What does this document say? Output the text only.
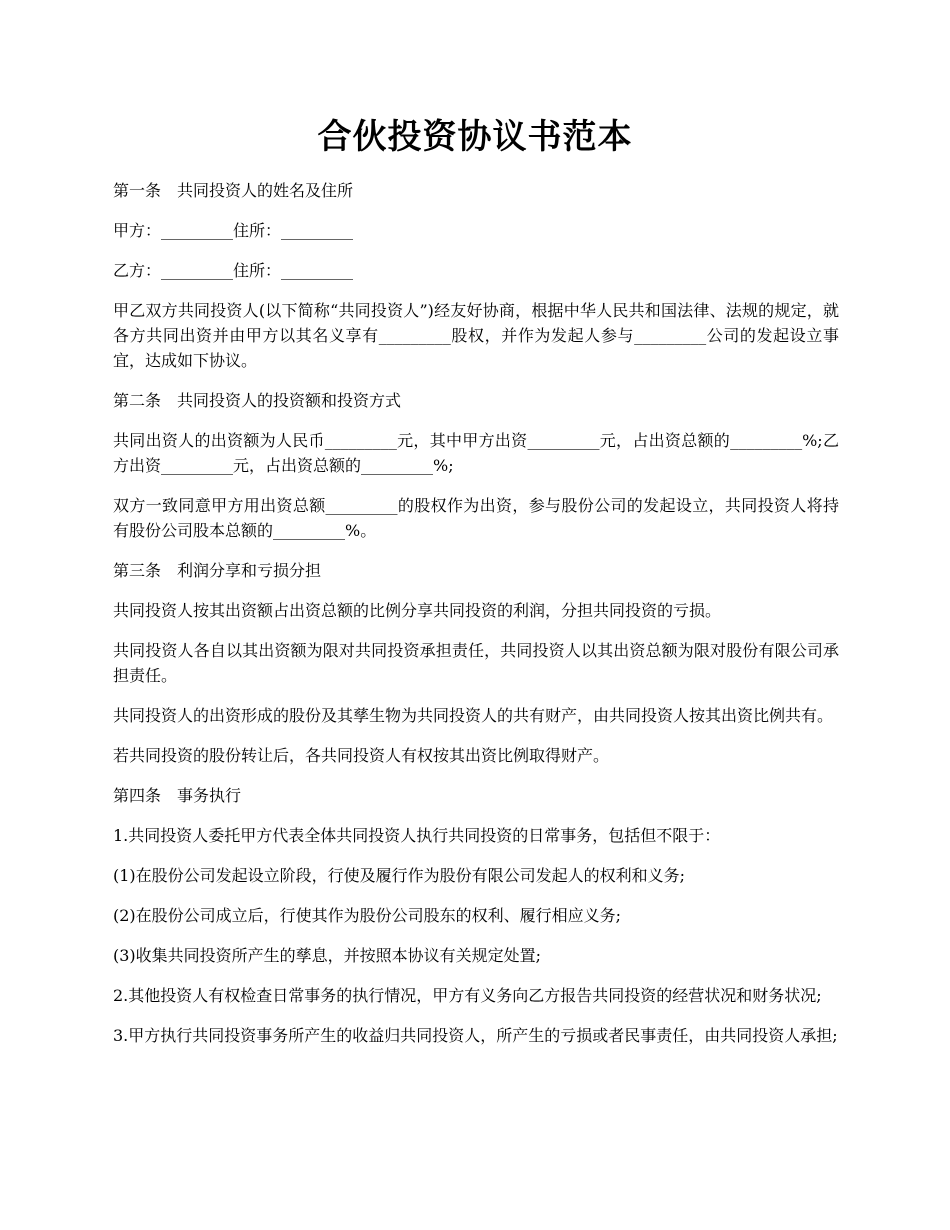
合伙投资协议书范本

第一条　共同投资人的姓名及住所

甲方：_________住所：_________

乙方：_________住所：_________

甲乙双方共同投资人(以下简称“共同投资人”)经友好协商，根据中华人民共和国法律、法规的规定，就各方共同出资并由甲方以其名义享有_________股权，并作为发起人参与_________公司的发起设立事宜，达成如下协议。

第二条　共同投资人的投资额和投资方式

共同出资人的出资额为人民币_________元，其中甲方出资_________元，占出资总额的_________%;乙方出资_________元，占出资总额的_________%;

双方一致同意甲方用出资总额_________的股权作为出资，参与股份公司的发起设立，共同投资人将持有股份公司股本总额的_________%。

第三条　利润分享和亏损分担

共同投资人按其出资额占出资总额的比例分享共同投资的利润，分担共同投资的亏损。

共同投资人各自以其出资额为限对共同投资承担责任，共同投资人以其出资总额为限对股份有限公司承担责任。

共同投资人的出资形成的股份及其孳生物为共同投资人的共有财产，由共同投资人按其出资比例共有。

若共同投资的股份转让后，各共同投资人有权按其出资比例取得财产。

第四条　事务执行

1.共同投资人委托甲方代表全体共同投资人执行共同投资的日常事务，包括但不限于：

(1)在股份公司发起设立阶段，行使及履行作为股份有限公司发起人的权利和义务;

(2)在股份公司成立后，行使其作为股份公司股东的权利、履行相应义务;

(3)收集共同投资所产生的孳息，并按照本协议有关规定处置;

2.其他投资人有权检查日常事务的执行情况，甲方有义务向乙方报告共同投资的经营状况和财务状况;

3.甲方执行共同投资事务所产生的收益归共同投资人，所产生的亏损或者民事责任，由共同投资人承担;
